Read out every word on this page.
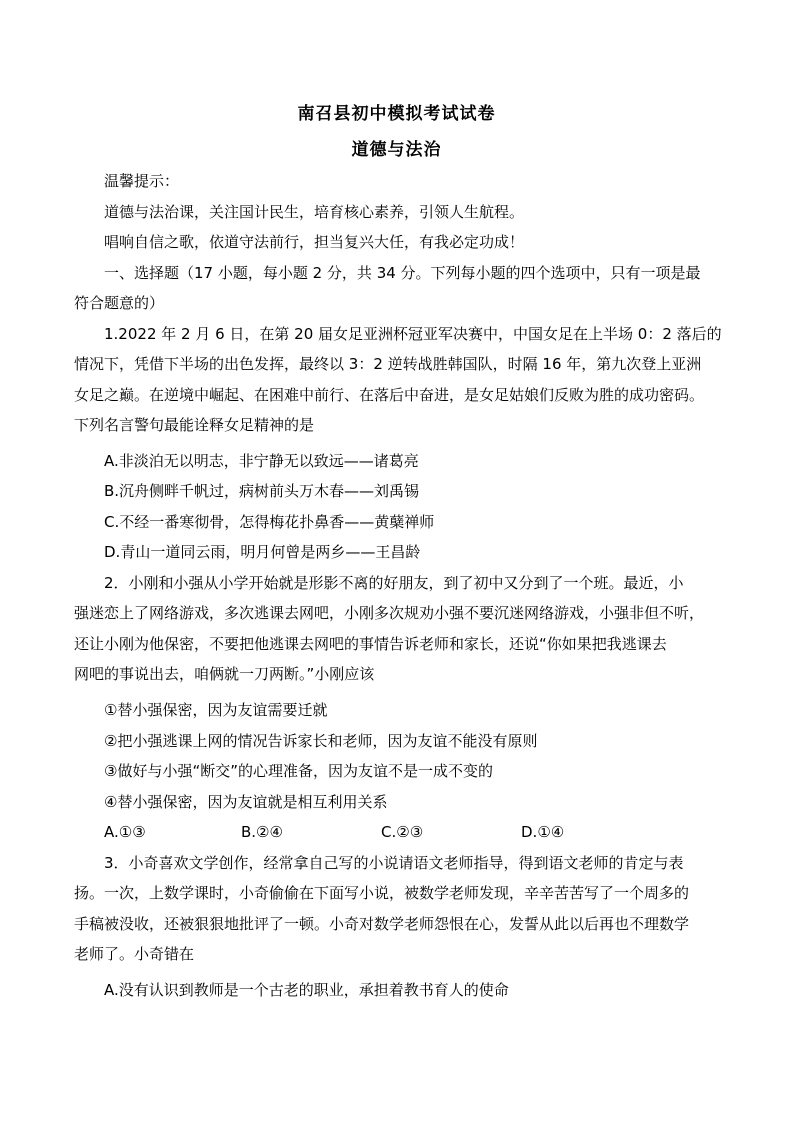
南召县初中模拟考试试卷
道德与法治
温馨提示：
道德与法治课，关注国计民生，培育核心素养，引领人生航程。
唱响自信之歌，依道守法前行，担当复兴大任，有我必定功成！
一、选择题（17 小题，每小题 2 分，共 34 分。下列每小题的四个选项中，只有一项是最
符合题意的）
1.2022 年 2 月 6 日，在第 20 届女足亚洲杯冠亚军决赛中，中国女足在上半场 0：2 落后的
情况下，凭借下半场的出色发挥，最终以 3：2 逆转战胜韩国队，时隔 16 年，第九次登上亚洲
女足之巅。在逆境中崛起、在困难中前行、在落后中奋进，是女足姑娘们反败为胜的成功密码。
下列名言警句最能诠释女足精神的是
A.非淡泊无以明志，非宁静无以致远——诸葛亮
B.沉舟侧畔千帆过，病树前头万木春——刘禹锡
C.不经一番寒彻骨，怎得梅花扑鼻香——黄蘖禅师
D.青山一道同云雨，明月何曾是两乡——王昌龄
2．小刚和小强从小学开始就是形影不离的好朋友，到了初中又分到了一个班。最近，小
强迷恋上了网络游戏，多次逃课去网吧，小刚多次规劝小强不要沉迷网络游戏，小强非但不听，
还让小刚为他保密，不要把他逃课去网吧的事情告诉老师和家长，还说“你如果把我逃课去
网吧的事说出去，咱俩就一刀两断。”小刚应该
①替小强保密，因为友谊需要迁就
②把小强逃课上网的情况告诉家长和老师，因为友谊不能没有原则
③做好与小强“断交”的心理准备，因为友谊不是一成不变的
④替小强保密，因为友谊就是相互利用关系
A.①③	B.②④	C.②③	D.①④
3．小奇喜欢文学创作，经常拿自己写的小说请语文老师指导，得到语文老师的肯定与表
扬。一次，上数学课时，小奇偷偷在下面写小说，被数学老师发现，辛辛苦苦写了一个周多的
手稿被没收，还被狠狠地批评了一顿。小奇对数学老师怨恨在心，发誓从此以后再也不理数学
老师了。小奇错在
A.没有认识到教师是一个古老的职业，承担着教书育人的使命
